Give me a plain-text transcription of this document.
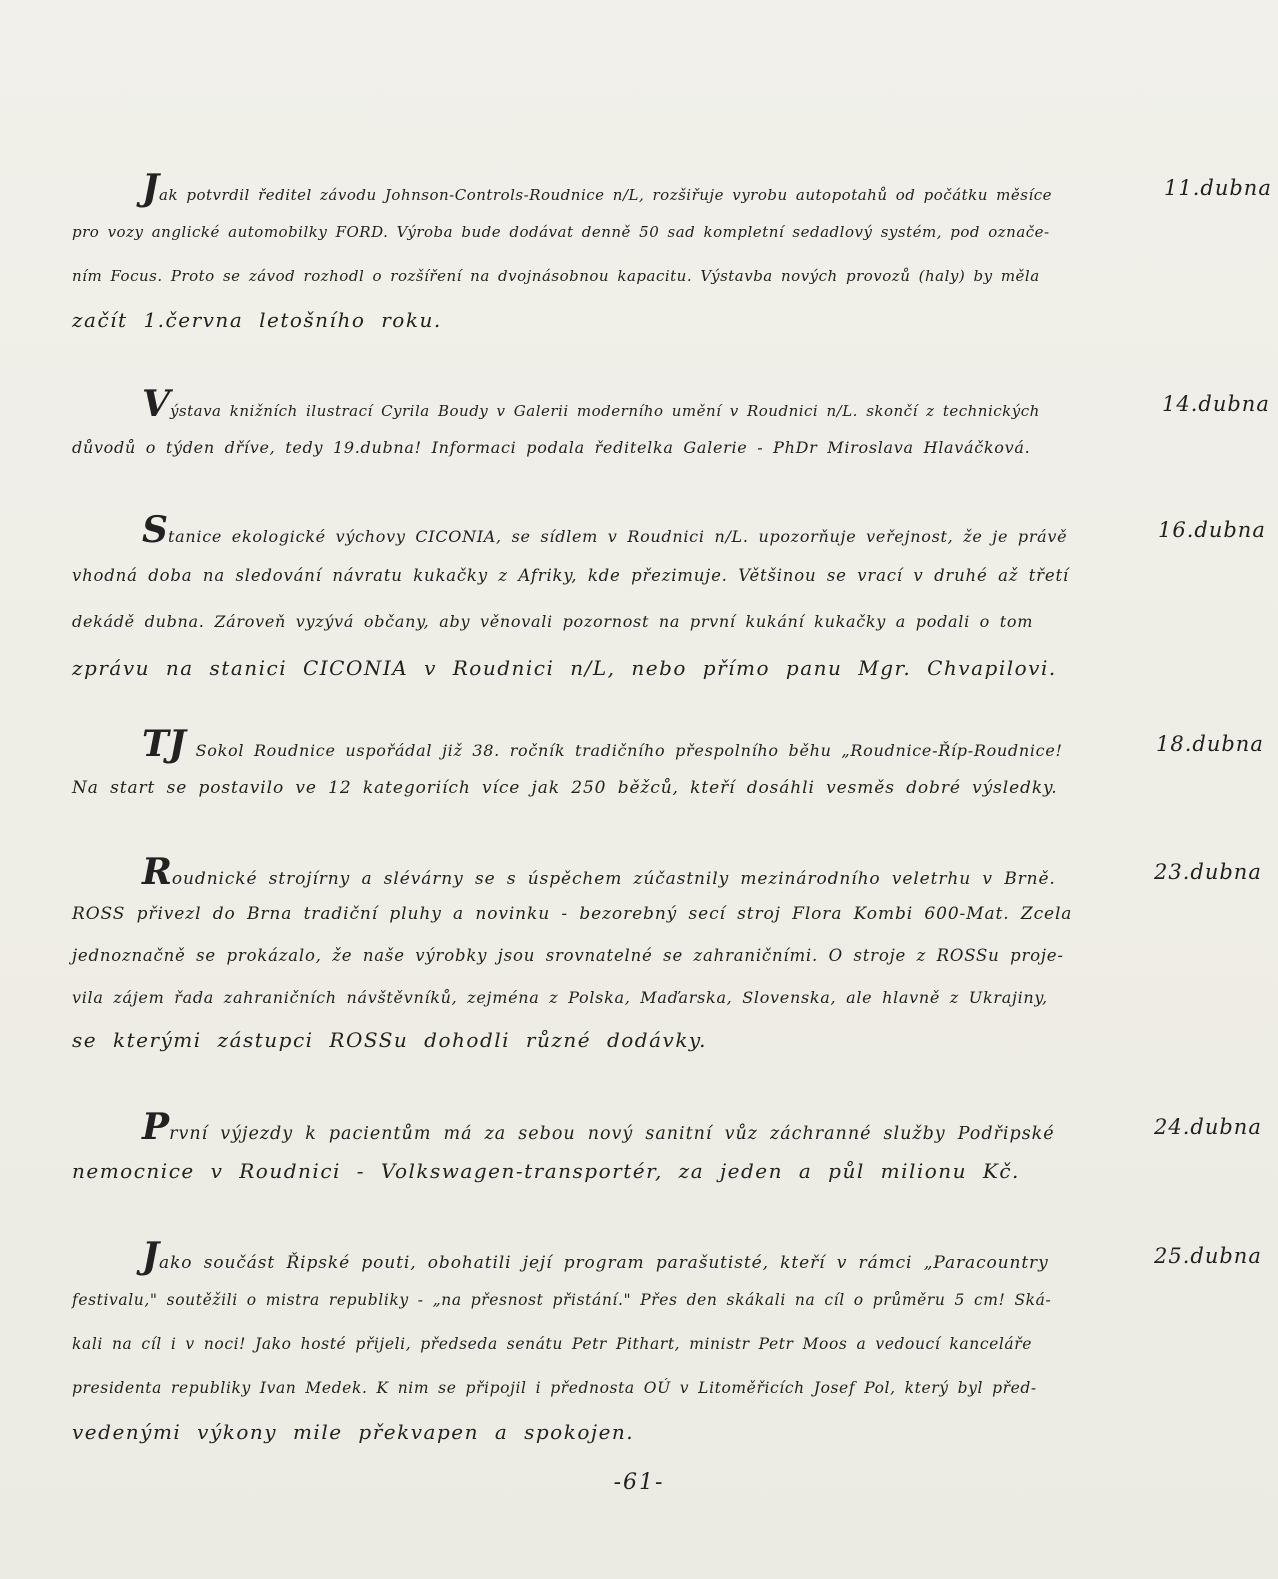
Jak potvrdil ředitel závodu Johnson-Controls-Roudnice n/L, rozšiřuje vyrobu autopotahů od počátku měsíce	11.dubna
pro vozy anglické automobilky FORD. Výroba bude dodávat denně 50 sad kompletní sedadlový systém, pod označe-
ním Focus. Proto se závod rozhodl o rozšíření na dvojnásobnou kapacitu. Výstavba nových provozů (haly) by měla
začít 1.června letošního roku.
Výstava knižních ilustrací Cyrila Boudy v Galerii moderního umění v Roudnici n/L. skončí z technických	14.dubna
důvodů o týden dříve, tedy 19.dubna! Informaci podala ředitelka Galerie - PhDr Miroslava Hlaváčková.
Stanice ekologické výchovy CICONIA, se sídlem v Roudnici n/L. upozorňuje veřejnost, že je právě	16.dubna
vhodná doba na sledování návratu kukačky z Afriky, kde přezimuje. Většinou se vrací v druhé až třetí
dekádě dubna. Zároveň vyzývá občany, aby věnovali pozornost na první kukání kukačky a podali o tom
zprávu na stanici CICONIA v Roudnici n/L, nebo přímo panu Mgr. Chvapilovi.
TJ Sokol Roudnice uspořádal již 38. ročník tradičního přespolního běhu „Roudnice-Říp-Roudnice!	18.dubna
Na start se postavilo ve 12 kategoriích více jak 250 běžců, kteří dosáhli vesměs dobré výsledky.
Roudnické strojírny a slévárny se s úspěchem zúčastnily mezinárodního veletrhu v Brně.	23.dubna
ROSS přivezl do Brna tradiční pluhy a novinku - bezorebný secí stroj Flora Kombi 600-Mat. Zcela
jednoznačně se prokázalo, že naše výrobky jsou srovnatelné se zahraničními. O stroje z ROSSu proje-
vila zájem řada zahraničních návštěvníků, zejména z Polska, Maďarska, Slovenska, ale hlavně z Ukrajiny,
se kterými zástupci ROSSu dohodli různé dodávky.
První výjezdy k pacientům má za sebou nový sanitní vůz záchranné služby Podřipské	24.dubna
nemocnice v Roudnici - Volkswagen-transportér, za jeden a půl milionu Kč.
Jako součást Řipské pouti, obohatili její program parašutisté, kteří v rámci „Paracountry	25.dubna
festivalu," soutěžili o mistra republiky - „na přesnost přistání." Přes den skákali na cíl o průměru 5 cm! Ská-
kali na cíl i v noci! Jako hosté přijeli, předseda senátu Petr Pithart, ministr Petr Moos a vedoucí kanceláře
presidenta republiky Ivan Medek. K nim se připojil i přednosta OÚ v Litoměřicích Josef Pol, který byl před-
vedenými výkony mile překvapen a spokojen.
-61-
